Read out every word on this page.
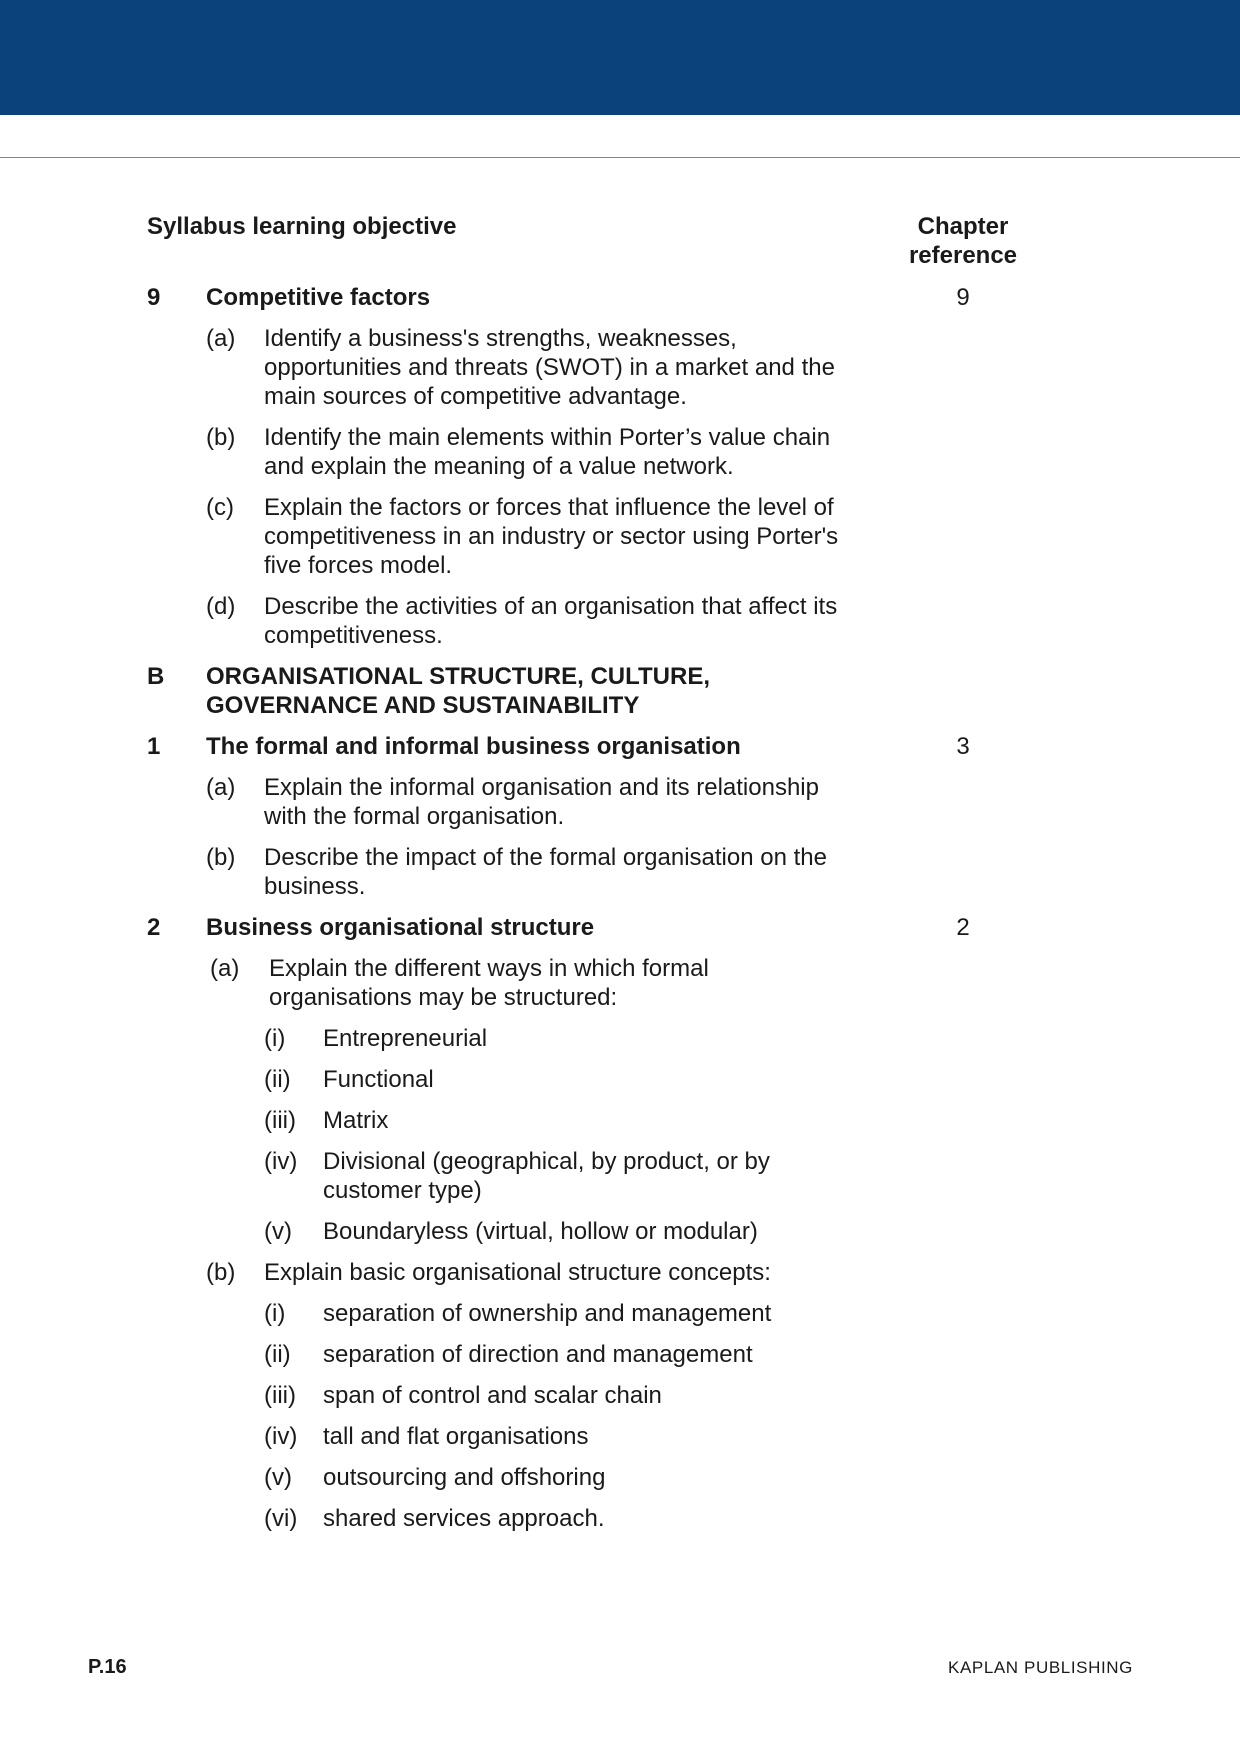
Syllabus learning objective	Chapter
reference
9 Competitive factors	9
(a) Identify a business's strengths, weaknesses,
opportunities and threats (SWOT) in a market and the
main sources of competitive advantage.
(b) Identify the main elements within Porter’s value chain
and explain the meaning of a value network.
(c) Explain the factors or forces that influence the level of
competitiveness in an industry or sector using Porter's
five forces model.
(d) Describe the activities of an organisation that affect its
competitiveness.
B ORGANISATIONAL STRUCTURE, CULTURE,
GOVERNANCE AND SUSTAINABILITY
1 The formal and informal business organisation	3
(a) Explain the informal organisation and its relationship
with the formal organisation.
(b) Describe the impact of the formal organisation on the
business.
2 Business organisational structure	2
(a) Explain the different ways in which formal
organisations may be structured:
(i) Entrepreneurial
(ii) Functional
(iii) Matrix
(iv) Divisional (geographical, by product, or by
customer type)
(v) Boundaryless (virtual, hollow or modular)
(b) Explain basic organisational structure concepts:
(i) separation of ownership and management
(ii) separation of direction and management
(iii) span of control and scalar chain
(iv) tall and flat organisations
(v) outsourcing and offshoring
(vi) shared services approach.
P.16	KAPLAN PUBLISHING
